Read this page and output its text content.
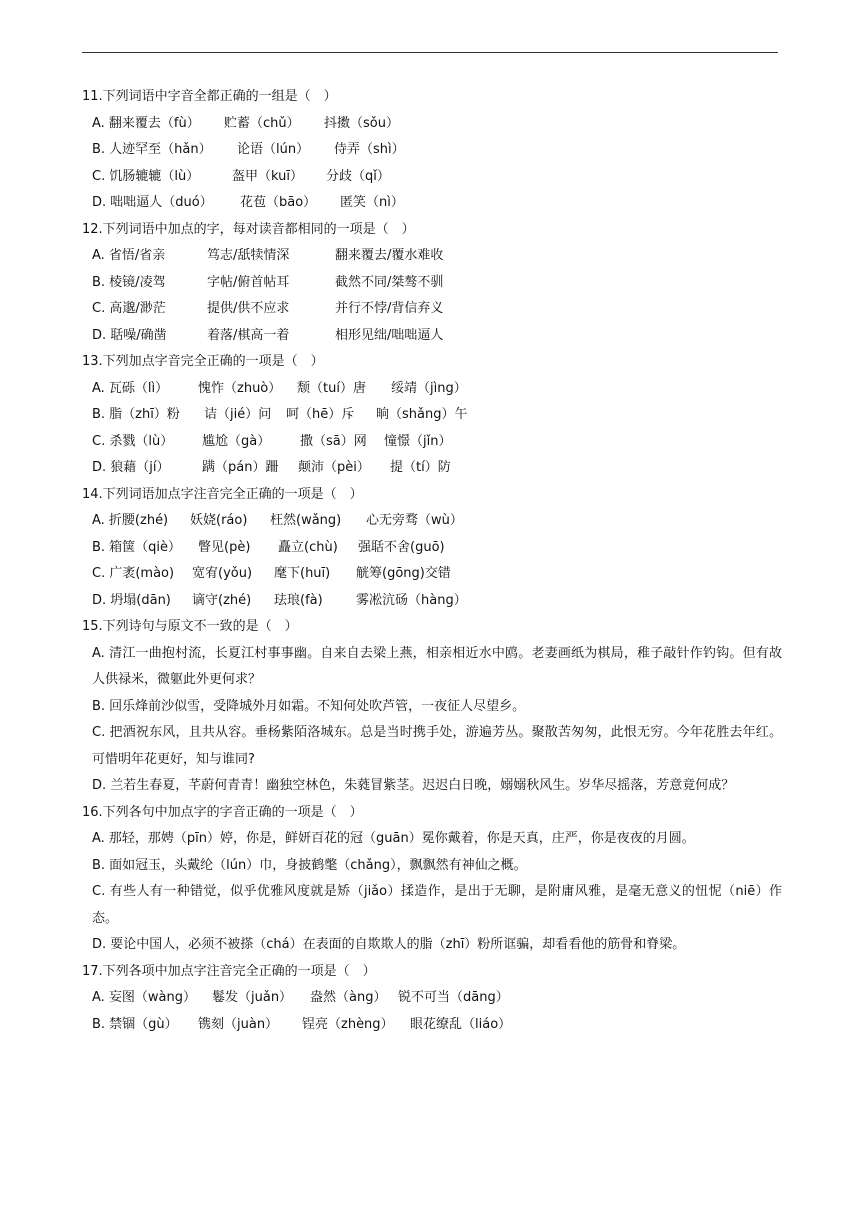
11.下列词语中字音全都正确的一组是（　）
A. 翻来覆去（fù） 贮蓄（chǔ） 抖擞（sǒu）
B. 人迹罕至（hǎn） 论语（lún） 侍弄（shì）
C. 饥肠辘辘（lù）	盔甲（kuī） 分歧（qǐ）
D. 咄咄逼人（duó） 花苞（bāo） 匿笑（nì）
12.下列词语中加点的字，每对读音都相同的一项是（　）
A. 省悟/省亲	笃志/舐犊情深	翻来覆去/覆水难收
B. 棱镜/凌驾	字帖/俯首帖耳	截然不同/桀骜不驯
C. 高邈/渺茫	提供/供不应求	并行不悖/背信弃义
D. 聒噪/确凿	着落/棋高一着	相形见绌/咄咄逼人
13.下列加点字音完全正确的一项是（　）
A. 瓦砾（lì） 愧怍（zhuò） 颓（tuí）唐 绥靖（jìng）
B. 脂（zhī）粉 诘（jié）问 呵（hē）斥 晌（shǎng）午
C. 杀戮（lù） 尴尬（gà） 撒（sā）网 憧憬（jǐn）
D. 狼藉（jí）	蹒（pán）跚 颠沛（pèi） 提（tí）防
14.下列词语加点字注音完全正确的一项是（　）
A. 折腰(zhé) 妖娆(ráo) 枉然(wǎng) 心无旁骛（wù）
B. 箱箧（qiè） 瞥见(pè) 矗立(chù) 强聒不舍(guō)
C. 广袤(mào) 宽宥(yǒu) 麾下(huī) 觥筹(gōng)交错
D. 坍塌(dān) 谪守(zhé) 珐琅(fà)	雾凇沆砀（hàng）
15.下列诗句与原文不一致的是（　）
A. 清江一曲抱村流，长夏江村事事幽。自来自去梁上燕，相亲相近水中鸥。老妻画纸为棋局，稚子敲针作钓钩。但有故人供禄米，微躯此外更何求？
B. 回乐烽前沙似雪，受降城外月如霜。不知何处吹芦管，一夜征人尽望乡。
C. 把酒祝东风，且共从容。垂杨紫陌洛城东。总是当时携手处，游遍芳丛。聚散苦匆匆，此恨无穷。今年花胜去年红。可惜明年花更好，知与谁同?
D. 兰若生春夏，芊蔚何青青！幽独空林色，朱蕤冒紫茎。迟迟白日晚，嫋嫋秋风生。岁华尽摇落，芳意竟何成？
16.下列各句中加点字的字音正确的一项是（　）
A. 那轻，那娉（pīn）婷，你是，鲜妍百花的冠（guān）冕你戴着，你是天真，庄严，你是夜夜的月圆。
B. 面如冠玉，头戴纶（lún）巾，身披鹤氅（chǎng），飘飘然有神仙之概。
C. 有些人有一种错觉，似乎优雅风度就是矫（jiǎo）揉造作，是出于无聊，是附庸风雅，是毫无意义的忸怩（niē）作态。
D. 要论中国人，必须不被搽（chá）在表面的自欺欺人的脂（zhī）粉所诓骗，却看看他的筋骨和脊梁。
17.下列各项中加点字注音完全正确的一项是（　）
A. 妄图（wàng） 鬈发（juǎn） 盎然（àng） 锐不可当（dāng）
B. 禁锢（gù） 镌刻（juàn） 锃亮（zhèng） 眼花缭乱（liáo）
